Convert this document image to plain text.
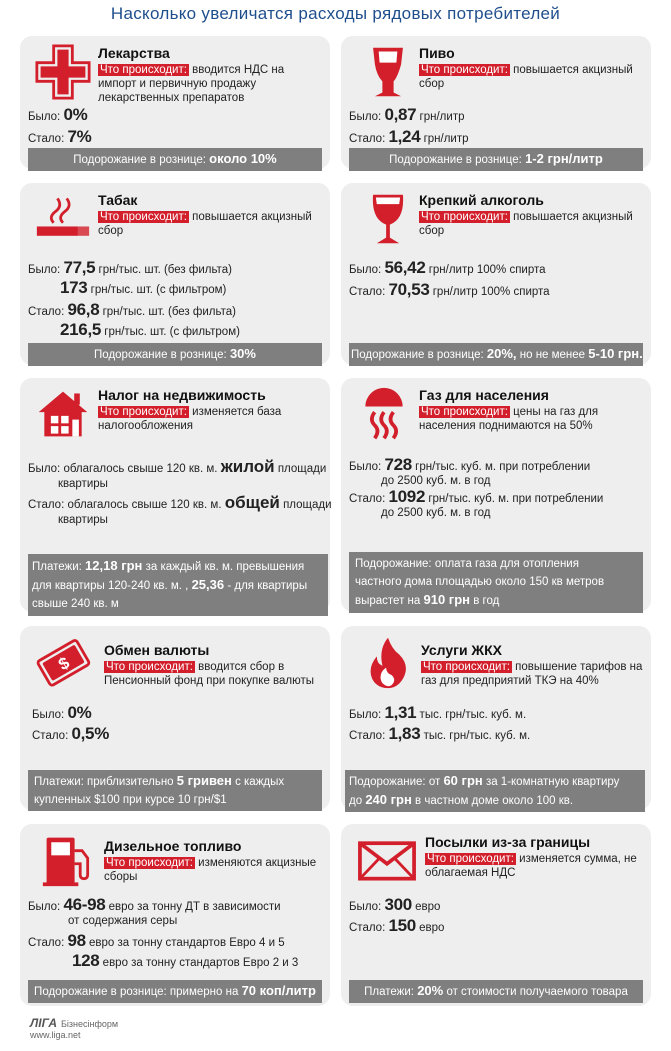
Насколько увеличатся расходы рядовых потребителей
Лекарства
Что происходит: вводится НДС на импорт и первичную продажу лекарственных препаратов
Было: 0%
Стало: 7%
Подорожание в рознице: около 10%
Пиво
Что происходит: повышается акцизный сбор
Было: 0,87 грн/литр
Стало: 1,24 грн/литр
Подорожание в рознице: 1-2 грн/литр
Табак
Что происходит: повышается акцизный сбор
Было: 77,5 грн/тыс. шт. (без фильта)
173 грн/тыс. шт. (с фильтром)
Стало: 96,8 грн/тыс. шт. (без фильта)
216,5 грн/тыс. шт. (с фильтром)
Подорожание в рознице: 30%
Крепкий алкоголь
Что происходит: повышается акцизный сбор
Было: 56,42 грн/литр 100% спирта
Стало: 70,53 грн/литр 100% спирта
Подорожание в рознице: 20%, но не менее 5-10 грн.
Налог на недвижимость
Что происходит: изменяется база налогообложения
Было: облагалось свыше 120 кв. м. жилой площади
квартиры
Стало: облагалось свыше 120 кв. м. общей площади
квартиры
Платежи: 12,18 грн за каждый кв. м. превышения
для квартиры 120-240 кв. м. , 25,36 - для квартиры
свыше 240 кв. м
Газ для населения
Что происходит: цены на газ для населения поднимаются на 50%
Было: 728 грн/тыс. куб. м. при потреблении
до 2500 куб. м. в год
Стало: 1092 грн/тыс. куб. м. при потреблении
до 2500 куб. м. в год
Подорожание: оплата газа для отопления
частного дома площадью около 150 кв метров
вырастет на 910 грн в год
$
Обмен валюты
Что происходит: вводится сбор в Пенсионный фонд при покупке валюты
Было: 0%
Стало: 0,5%
Платежи: приблизительно 5 гривен с каждых
купленных $100 при курсе 10 грн/$1
Услуги ЖКХ
Что происходит: повышение тарифов на газ для предприятий ТКЭ на 40%
Было: 1,31 тыс. грн/тыс. куб. м.
Стало: 1,83 тыс. грн/тыс. куб. м.
Подорожание: от 60 грн за 1-комнатную квартиру
до 240 грн в частном доме около 100 кв.
Дизельное топливо
Что происходит: изменяются акцизные сборы
Было: 46-98 евро за тонну ДТ в зависимости
от содержания серы
Стало: 98 евро за тонну стандартов Евро 4 и 5
128 евро за тонну стандартов Евро 2 и 3
Подорожание в рознице: примерно на 70 коп/литр
Посылки из-за границы
Что происходит: изменяется сумма, не облагаемая НДС
Было: 300 евро
Стало: 150 евро
Платежи: 20% от стоимости получаемого товара
ЛІГА Бізнесінформ
www.liga.net
